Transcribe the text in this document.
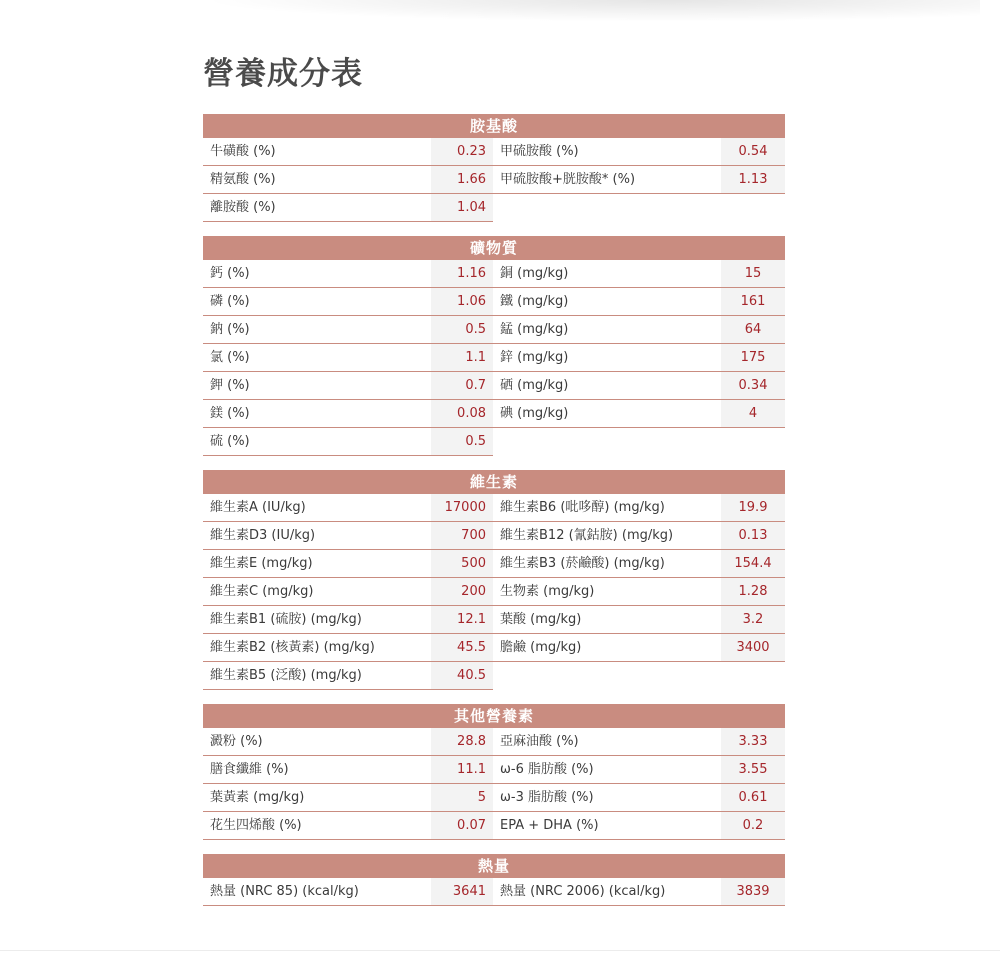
營養成分表
胺基酸
牛磺酸 (%)	0.23	甲硫胺酸 (%)	0.54
精氨酸 (%)	1.66	甲硫胺酸+胱胺酸* (%)	1.13
離胺酸 (%)	1.04
礦物質
鈣 (%)	1.16	銅 (mg/kg)	15
磷 (%)	1.06	鐵 (mg/kg)	161
鈉 (%)	0.5	錳 (mg/kg)	64
氯 (%)	1.1	鋅 (mg/kg)	175
鉀 (%)	0.7	硒 (mg/kg)	0.34
鎂 (%)	0.08	碘 (mg/kg)	4
硫 (%)	0.5
維生素
維生素A (IU/kg)	17000	維生素B6 (吡哆醇) (mg/kg)	19.9
維生素D3 (IU/kg)	700	維生素B12 (氰鈷胺) (mg/kg)	0.13
維生素E (mg/kg)	500	維生素B3 (菸鹼酸) (mg/kg)	154.4
維生素C (mg/kg)	200	生物素 (mg/kg)	1.28
維生素B1 (硫胺) (mg/kg)	12.1	葉酸 (mg/kg)	3.2
維生素B2 (核黃素) (mg/kg)	45.5	膽鹼 (mg/kg)	3400
維生素B5 (泛酸) (mg/kg)	40.5
其他營養素
澱粉 (%)	28.8	亞麻油酸 (%)	3.33
膳食纖維 (%)	11.1	ω-6 脂肪酸 (%)	3.55
葉黃素 (mg/kg)	5	ω-3 脂肪酸 (%)	0.61
花生四烯酸 (%)	0.07	EPA + DHA (%)	0.2
熱量
熱量 (NRC 85) (kcal/kg)	3641	熱量 (NRC 2006) (kcal/kg)	3839
